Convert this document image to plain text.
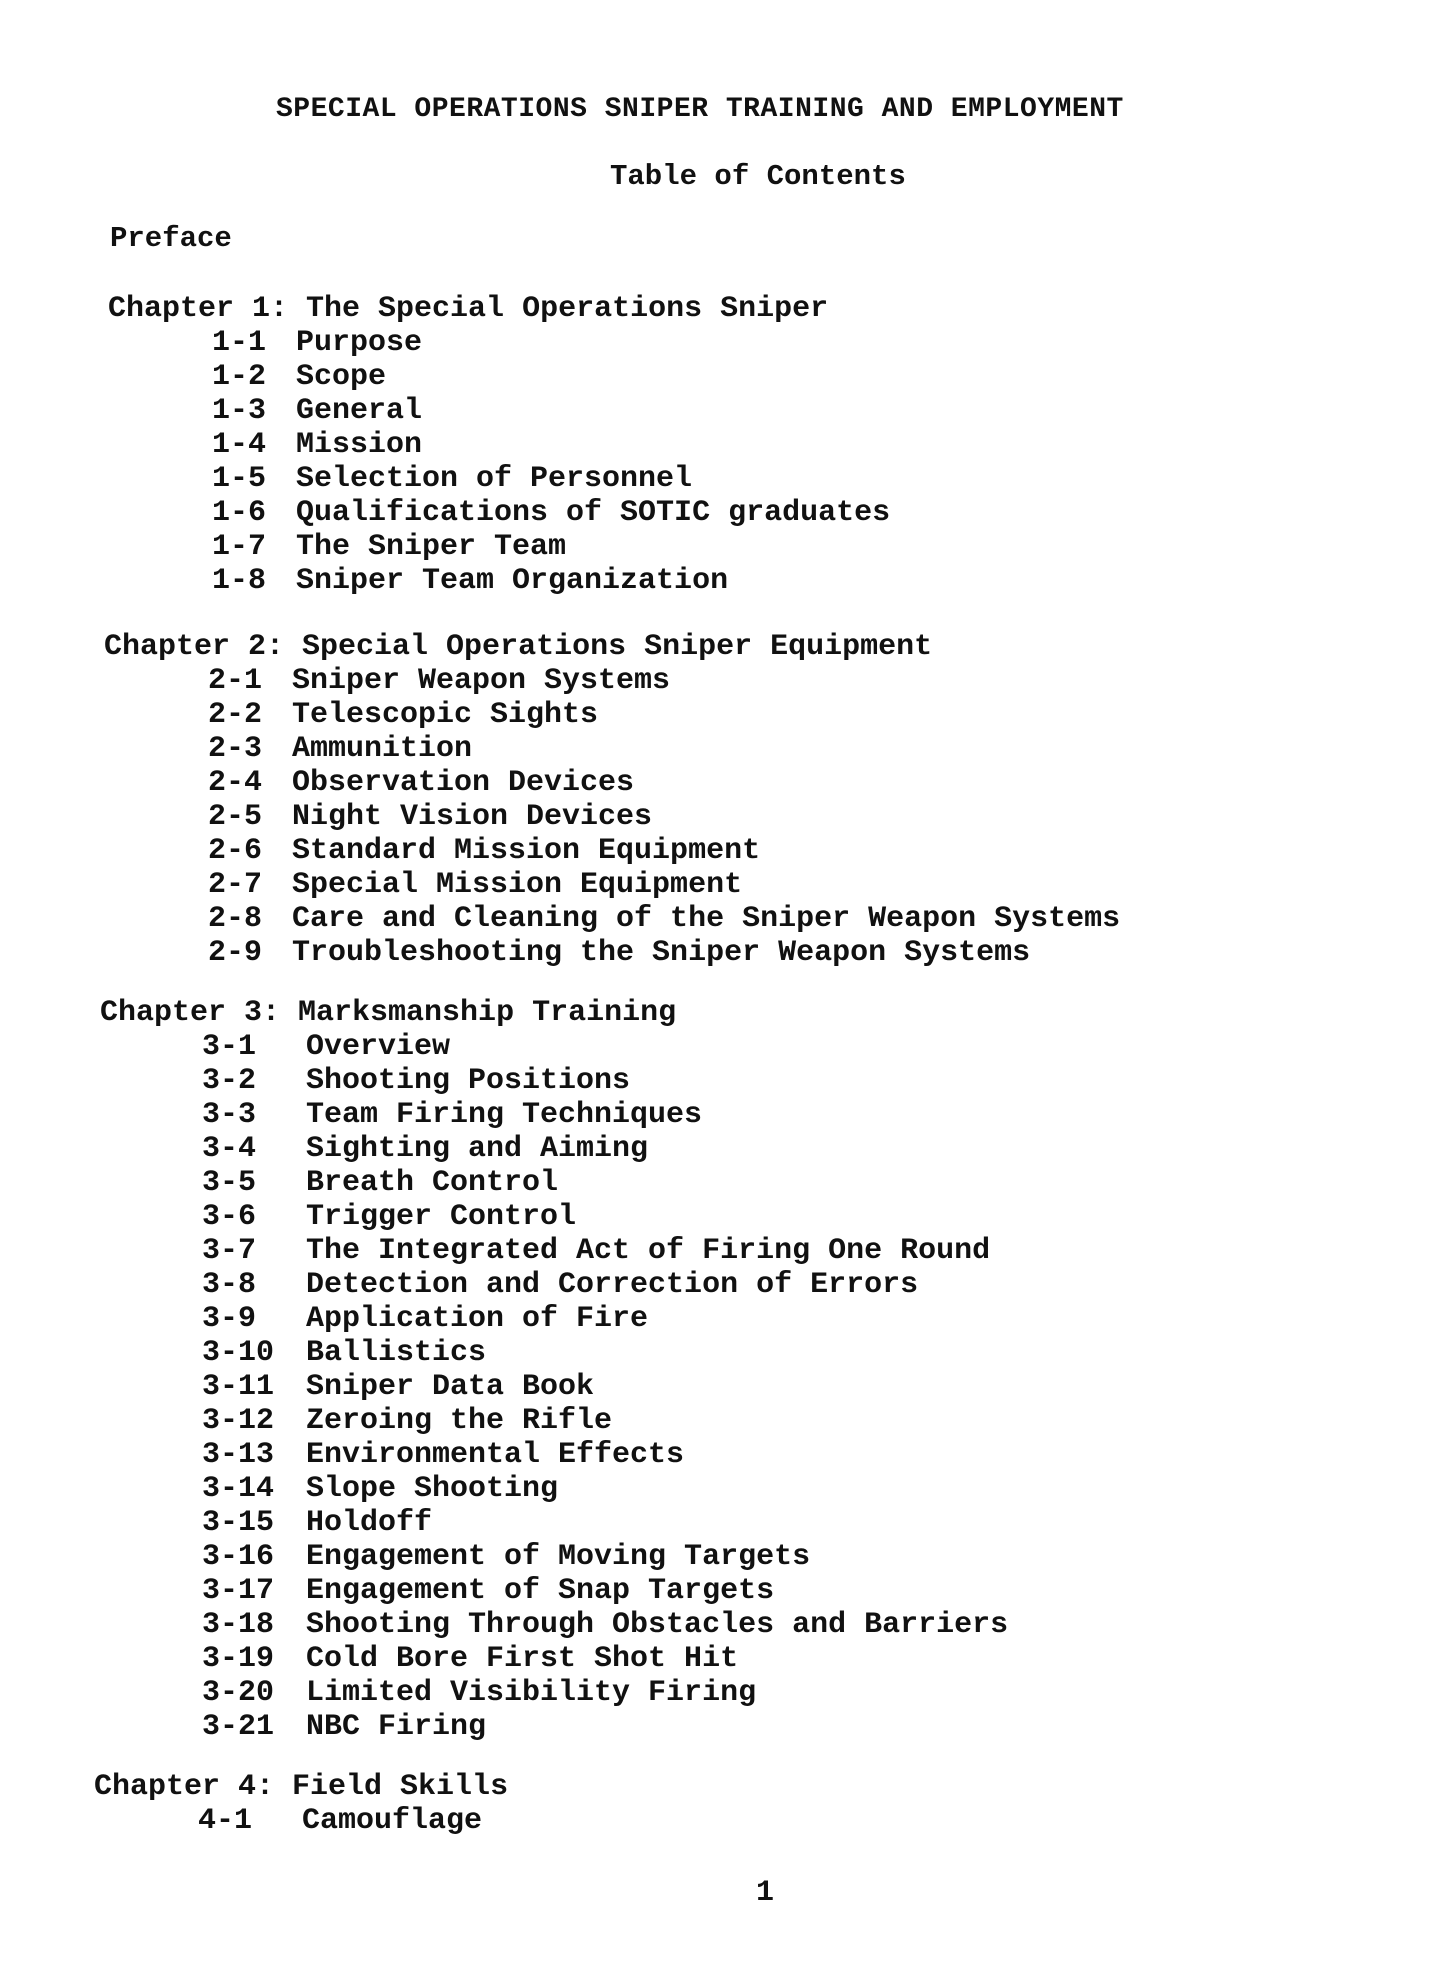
SPECIAL OPERATIONS SNIPER TRAINING AND EMPLOYMENT
Table of Contents
Preface
Chapter 1: The Special Operations Sniper
1-1 Purpose
1-2 Scope
1-3 General
1-4 Mission
1-5 Selection of Personnel
1-6 Qualifications of SOTIC graduates
1-7 The Sniper Team
1-8 Sniper Team Organization
Chapter 2: Special Operations Sniper Equipment
2-1 Sniper Weapon Systems
2-2 Telescopic Sights
2-3 Ammunition
2-4 Observation Devices
2-5 Night Vision Devices
2-6 Standard Mission Equipment
2-7 Special Mission Equipment
2-8 Care and Cleaning of the Sniper Weapon Systems
2-9 Troubleshooting the Sniper Weapon Systems
Chapter 3: Marksmanship Training
3-1	Overview
3-2	Shooting Positions
3-3	Team Firing Techniques
3-4	Sighting and Aiming
3-5	Breath Control
3-6	Trigger Control
3-7	The Integrated Act of Firing One Round
3-8	Detection and Correction of Errors
3-9	Application of Fire
3-10	Ballistics
3-11	Sniper Data Book
3-12	Zeroing the Rifle
3-13	Environmental Effects
3-14	Slope Shooting
3-15	Holdoff
3-16	Engagement of Moving Targets
3-17	Engagement of Snap Targets
3-18	Shooting Through Obstacles and Barriers
3-19	Cold Bore First Shot Hit
3-20	Limited Visibility Firing
3-21	NBC Firing
Chapter 4: Field Skills
4-1	Camouflage
1
